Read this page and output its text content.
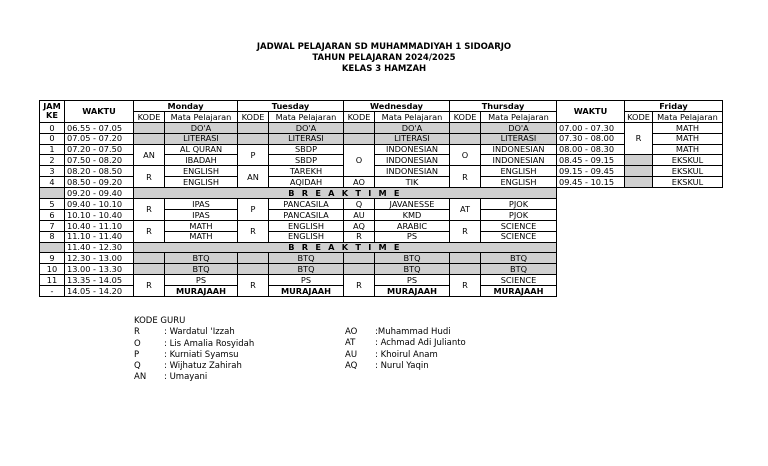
JADWAL PELAJARAN SD MUHAMMADIYAH 1 SIDOARJO
TAHUN PELAJARAN 2024/2025
KELAS 3 HAMZAH
JAM KE	WAKTU	Monday		Tuesday		Wednesday		Thursday		WAKTU	Friday	
		KODE	Mata Pelajaran	KODE	Mata Pelajaran	KODE	Mata Pelajaran	KODE	Mata Pelajaran		KODE	Mata Pelajaran
0	06.55 - 07.05		DO'A		DO'A		DO'A		DO'A	07.00 - 07.30	R	MATH
0	07.05 - 07.20		LITERASI		LITERASI		LITERASI		LITERASI	07.30 - 08.00		MATH
1	07.20 - 07.50	AN	AL QURAN	P	SBDP	O	INDONESIAN	O	INDONESIAN	08.00 - 08.30		MATH
2	07.50 - 08.20		IBADAH		SBDP		INDONESIAN		INDONESIAN	08.45 - 09.15		EKSKUL
3	08.20 - 08.50	R	ENGLISH	AN	TAREKH		INDONESIAN	R	ENGLISH	09.15 - 09.45		EKSKUL
4	08.50 - 09.20		ENGLISH		AQIDAH	AO	TIK		ENGLISH	09.45 - 10.15		EKSKUL
	09.20 - 09.40	B R E A K T I M E										
5	09.40 - 10.10	R	IPAS	P	PANCASILA	Q	JAVANESSE	AT	PJOK			
6	10.10 - 10.40		IPAS		PANCASILA	AU	KMD		PJOK			
7	10.40 - 11.10	R	MATH	R	ENGLISH	AQ	ARABIC	R	SCIENCE			
8	11.10 - 11.40		MATH		ENGLISH	R	PS		SCIENCE			
	11.40 - 12.30	B R E A K T I M E										
9	12.30 - 13.00		BTQ		BTQ		BTQ		BTQ			
10	13.00 - 13.30		BTQ		BTQ		BTQ		BTQ			
11	13.35 - 14.05	R	PS	R	PS	R	PS	R	SCIENCE			
-	14.05 - 14.20		MURAJAAH		MURAJAAH		MURAJAAH		MURAJAAH			
KODE GURU
R	: Wardatul 'Izzah
O	: Lis Amalia Rosyidah
P	: Kurniati Syamsu
Q	: Wijhatuz Zahirah
AN : Umayani
AO :Muhammad Hudi
AT : Achmad Adi Julianto
AU : Khoirul Anam
AQ : Nurul Yaqin
